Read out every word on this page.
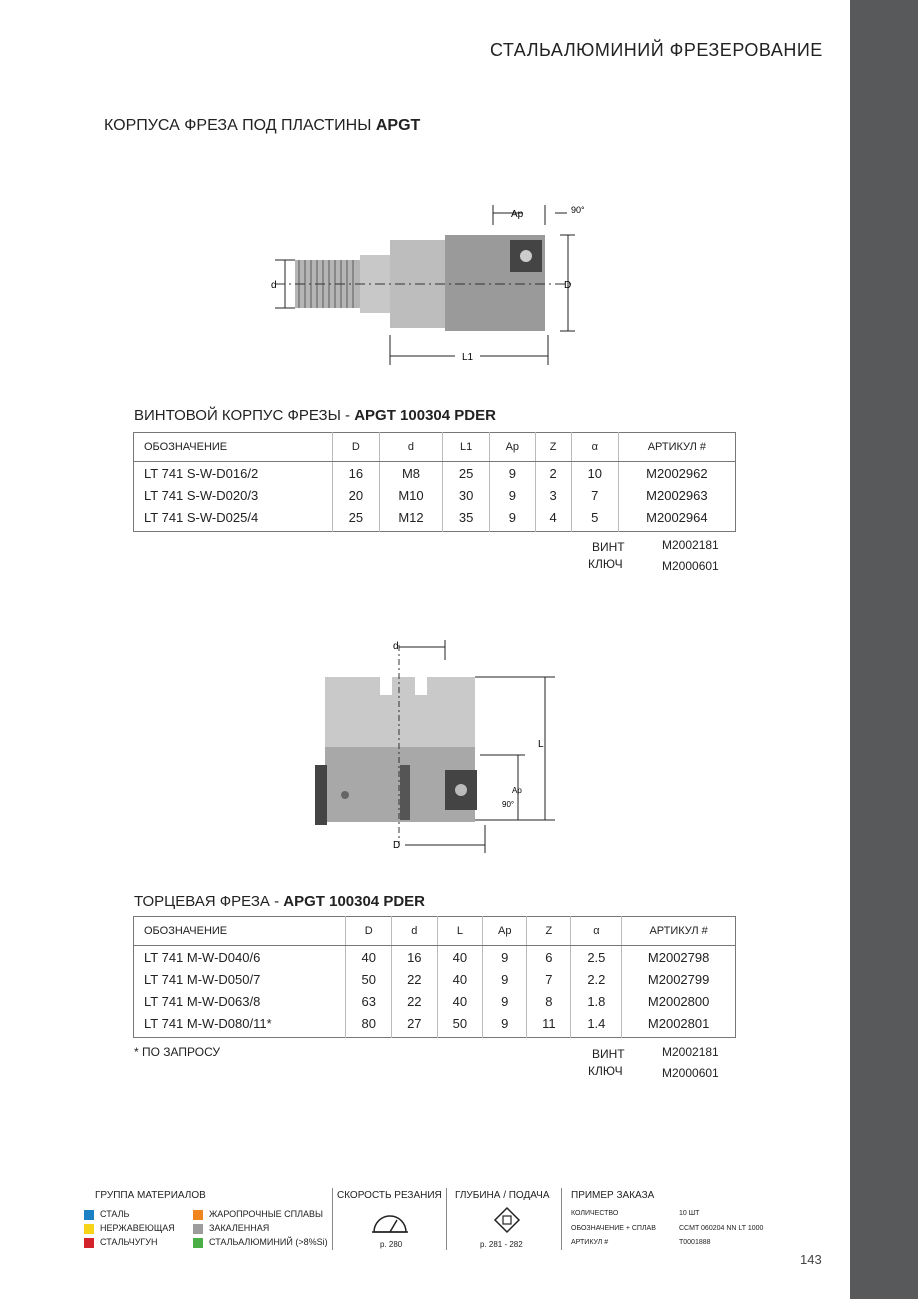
СТАЛЬАЛЮМИНИЙ ФРЕЗЕРОВАНИЕ
КОРПУСА ФРЕЗА ПОД ПЛАСТИНЫ APGT
d
Ap	90°
D
L1
ВИНТОВОЙ КОРПУС ФРЕЗЫ - APGT 100304 PDER
ОБОЗНАЧЕНИЕ	D	d	L1	Ap	Z	α	АРТИКУЛ #
LT 741 S-W-D016/2	16	M8	25	9	2	10	M2002962
LT 741 S-W-D020/3	20	M10	30	9	3	7	M2002963
LT 741 S-W-D025/4	25	M12	35	9	4	5	M2002964
ВИНТ	M2002181
КЛЮЧ	M2000601
d
L
Ap
90°
D
ТОРЦЕВАЯ ФРЕЗА - APGT 100304 PDER
ОБОЗНАЧЕНИЕ	D	d	L	Ap	Z	α	АРТИКУЛ #
LT 741 M-W-D040/6	40	16	40	9	6	2.5	M2002798
LT 741 M-W-D050/7	50	22	40	9	7	2.2	M2002799
LT 741 M-W-D063/8	63	22	40	9	8	1.8	M2002800
LT 741 M-W-D080/11*	80	27	50	9	11	1.4	M2002801
* ПО ЗАПРОСУ	ВИНТ	M2002181
КЛЮЧ	M2000601
ГРУППА МАТЕРИАЛОВ
СТАЛЬ
НЕРЖАВЕЮЩАЯ
СТАЛЬЧУГУН
ЖАРОПРОЧНЫЕ СПЛАВЫ
ЗАКАЛЕННАЯ
СТАЛЬАЛЮМИНИЙ (>8%Si)
СКОРОСТЬ РЕЗАНИЯ
p. 280
ГЛУБИНА / ПОДАЧА
p. 281 - 282
ПРИМЕР ЗАКАЗА
КОЛИЧЕСТВО	10 ШТ
ОБОЗНАЧЕНИЕ + СПЛАВ	CCMT 060204 NN LT 1000
АРТИКУЛ #	T0001888
143
